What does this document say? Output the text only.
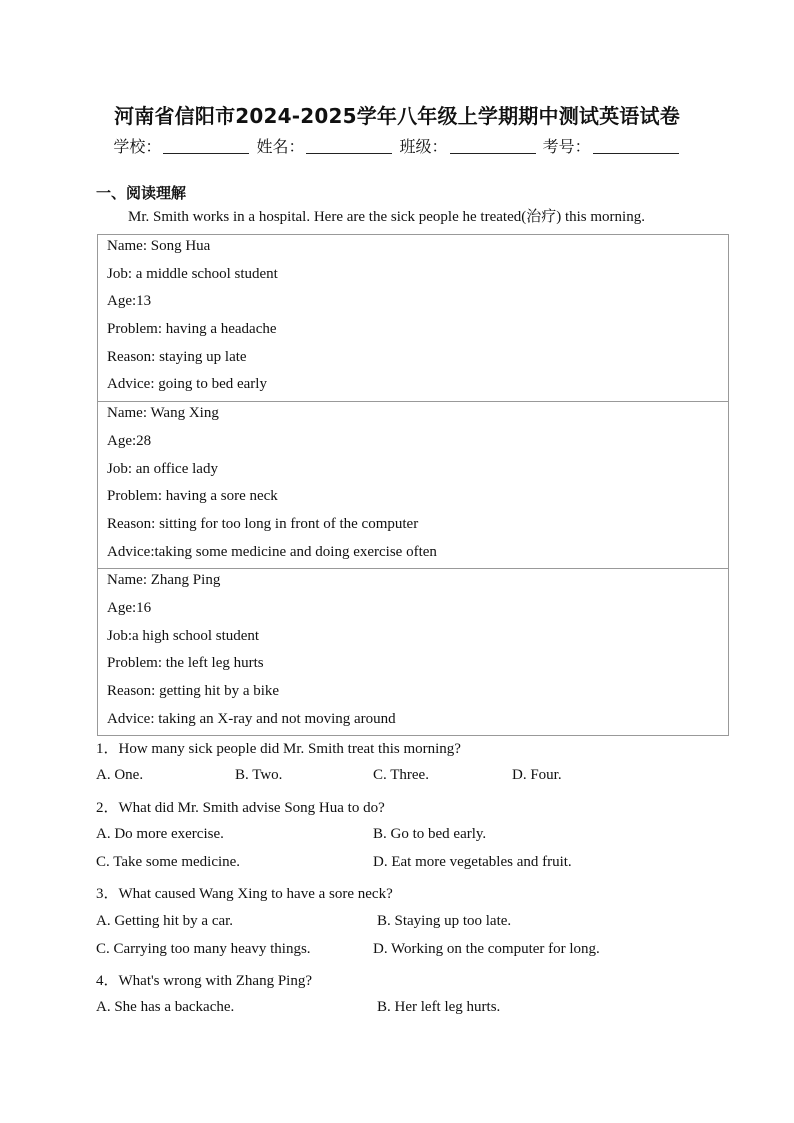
河南省信阳市2024-2025学年八年级上学期期中测试英语试卷
学校：	姓名：	班级：	考号：
一、阅读理解
Mr. Smith works in a hospital. Here are the sick people he treated(治疗) this morning.
Name: Song Hua
Job: a middle school student
Age:13
Problem: having a headache
Reason: staying up late
Advice: going to bed early
Name: Wang Xing
Age:28
Job: an office lady
Problem: having a sore neck
Reason: sitting for too long in front of the computer
Advice:taking some medicine and doing exercise often
Name: Zhang Ping
Age:16
Job:a high school student
Problem: the left leg hurts
Reason: getting hit by a bike
Advice: taking an X-ray and not moving around
1．How many sick people did Mr. Smith treat this morning?
A. One.	B. Two.	C. Three.	D. Four.
2．What did Mr. Smith advise Song Hua to do?
A. Do more exercise.	B. Go to bed early.
C. Take some medicine.	D. Eat more vegetables and fruit.
3．What caused Wang Xing to have a sore neck?
A. Getting hit by a car.	B. Staying up too late.
C. Carrying too many heavy things.	D. Working on the computer for long.
4．What's wrong with Zhang Ping?
A. She has a backache.	B. Her left leg hurts.
